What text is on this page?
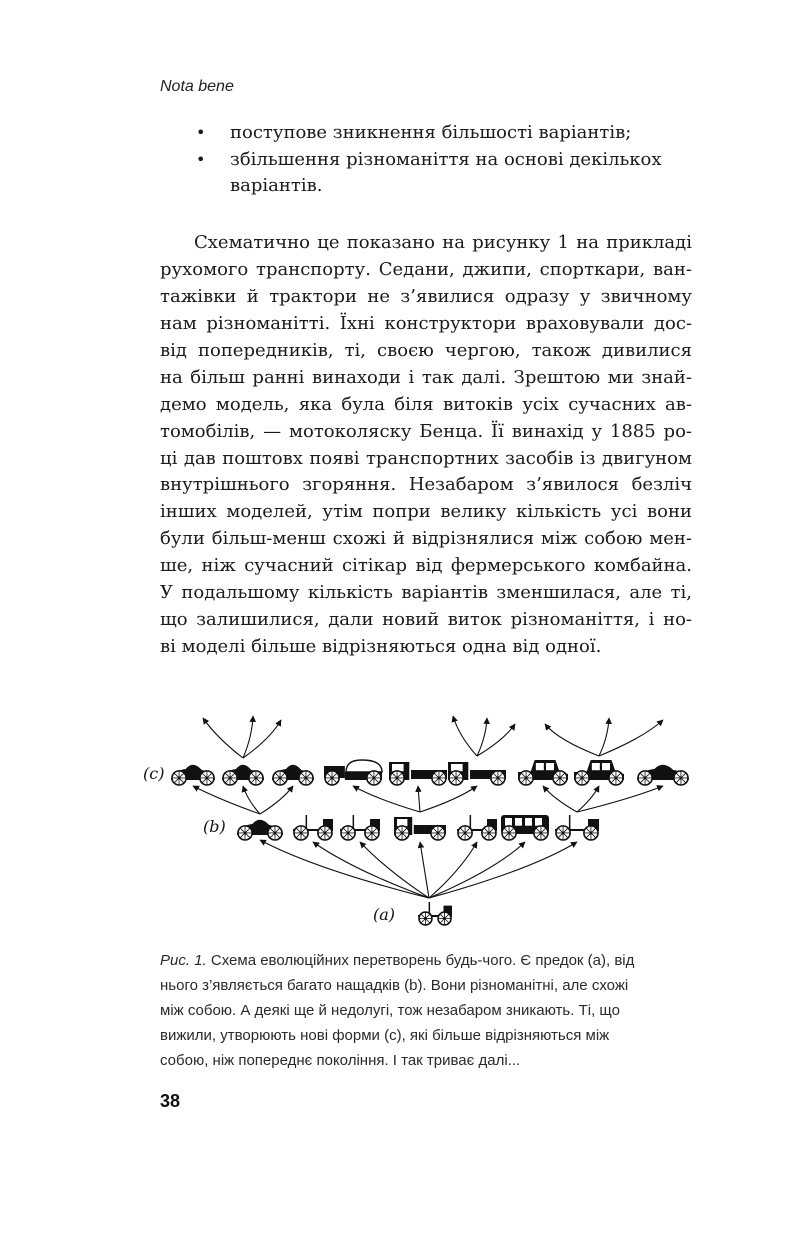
Nota bene
• поступове зникнення більшості варіантів;
• збільшення різноманіття на основі декількох
варіантів.
Схематично це показано на рисунку 1 на прикладі
рухомого транспорту. Седани, джипи, спорткари, ван-
тажівки й трактори не з’явилися одразу у звичному
нам різноманітті. Їхні конструктори враховували дос-
від попередників, ті, своєю чергою, також дивилися
на більш ранні винаходи і так далі. Зрештою ми знай-
демо модель, яка була біля витоків усіх сучасних ав-
томобілів, — мотоколяску Бенца. Її винахід у 1885 ро-
ці дав поштовх появі транспортних засобів із двигуном
внутрішнього згоряння. Незабаром з’явилося безліч
інших моделей, утім попри велику кількість усі вони
були більш-менш схожі й відрізнялися між собою мен-
ше, ніж сучасний сітікар від фермерського комбайна.
У подальшому кількість варіантів зменшилася, але ті,
що залишилися, дали новий виток різноманіття, і но-
ві моделі більше відрізняються одна від одної.
(c)
(b)
(a)
Рис. 1. Схема еволюційних перетворень будь-чого. Є предок (a), від
нього з’являється багато нащадків (b). Вони різноманітні, але схожі
між собою. А деякі ще й недолугі, тож незабаром зникають. Ті, що
вижили, утворюють нові форми (c), які більше відрізняються між
собою, ніж попереднє покоління. І так триває далі...
38
